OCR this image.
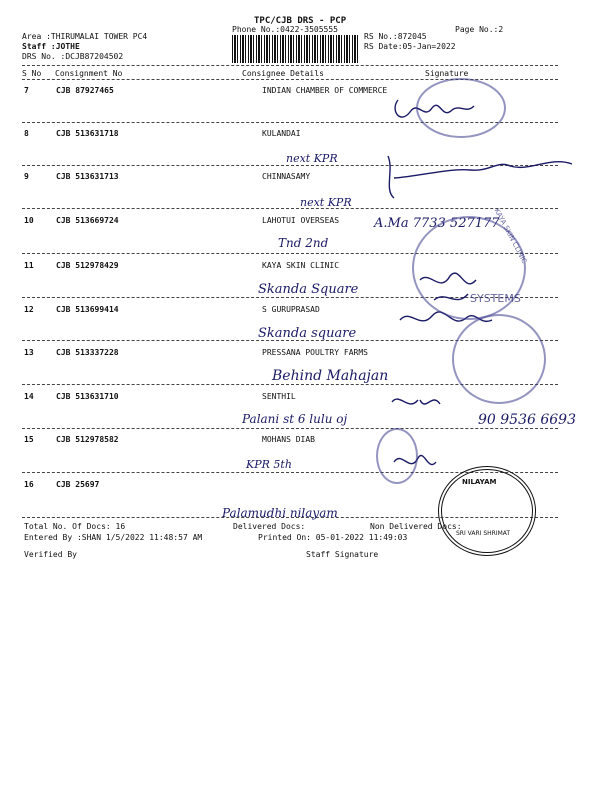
TPC/CJB DRS - PCP
Phone No.:0422-3505555	Page No.:2
Area :THIRUMALAI TOWER PC4
Staff :JOTHE
DRS No. :DCJB87204502
RS No.:872045
RS Date:05-Jan=2022
S No Consignment No	Consignee Details	Signature
7	CJB 87927465	INDIAN CHAMBER OF COMMERCE
8	CJB 513631718	KULANDAI
9	CJB 513631713	CHINNASAMY
10	CJB 513669724	LAHOTUI OVERSEAS
11	CJB 512978429	KAYA SKIN CLINIC
12	CJB 513699414	S GURUPRASAD
13	CJB 513337228	PRESSANA POULTRY FARMS
14	CJB 513631710	SENTHIL
15	CJB 512978582	MOHANS DIAB
16	CJB 25697
next KPR
next KPR
Tnd 2nd
A.Ma 7733 527177
Skanda Square
Skanda square
Behind Mahajan
Palani st 6 lulu oj	90 9536 6693
KPR 5th
Palamudhi nilayam
KAYA SKIN CLINIC
SYSTEMS
NILAYAM
SRI VARI SHRIMAT
Total No. Of Docs: 16	Delivered Docs:	Non Delivered Docs:
Entered By :SHAN 1/5/2022 11:48:57 AM	Printed On: 05-01-2022 11:49:03
Verified By	Staff Signature
